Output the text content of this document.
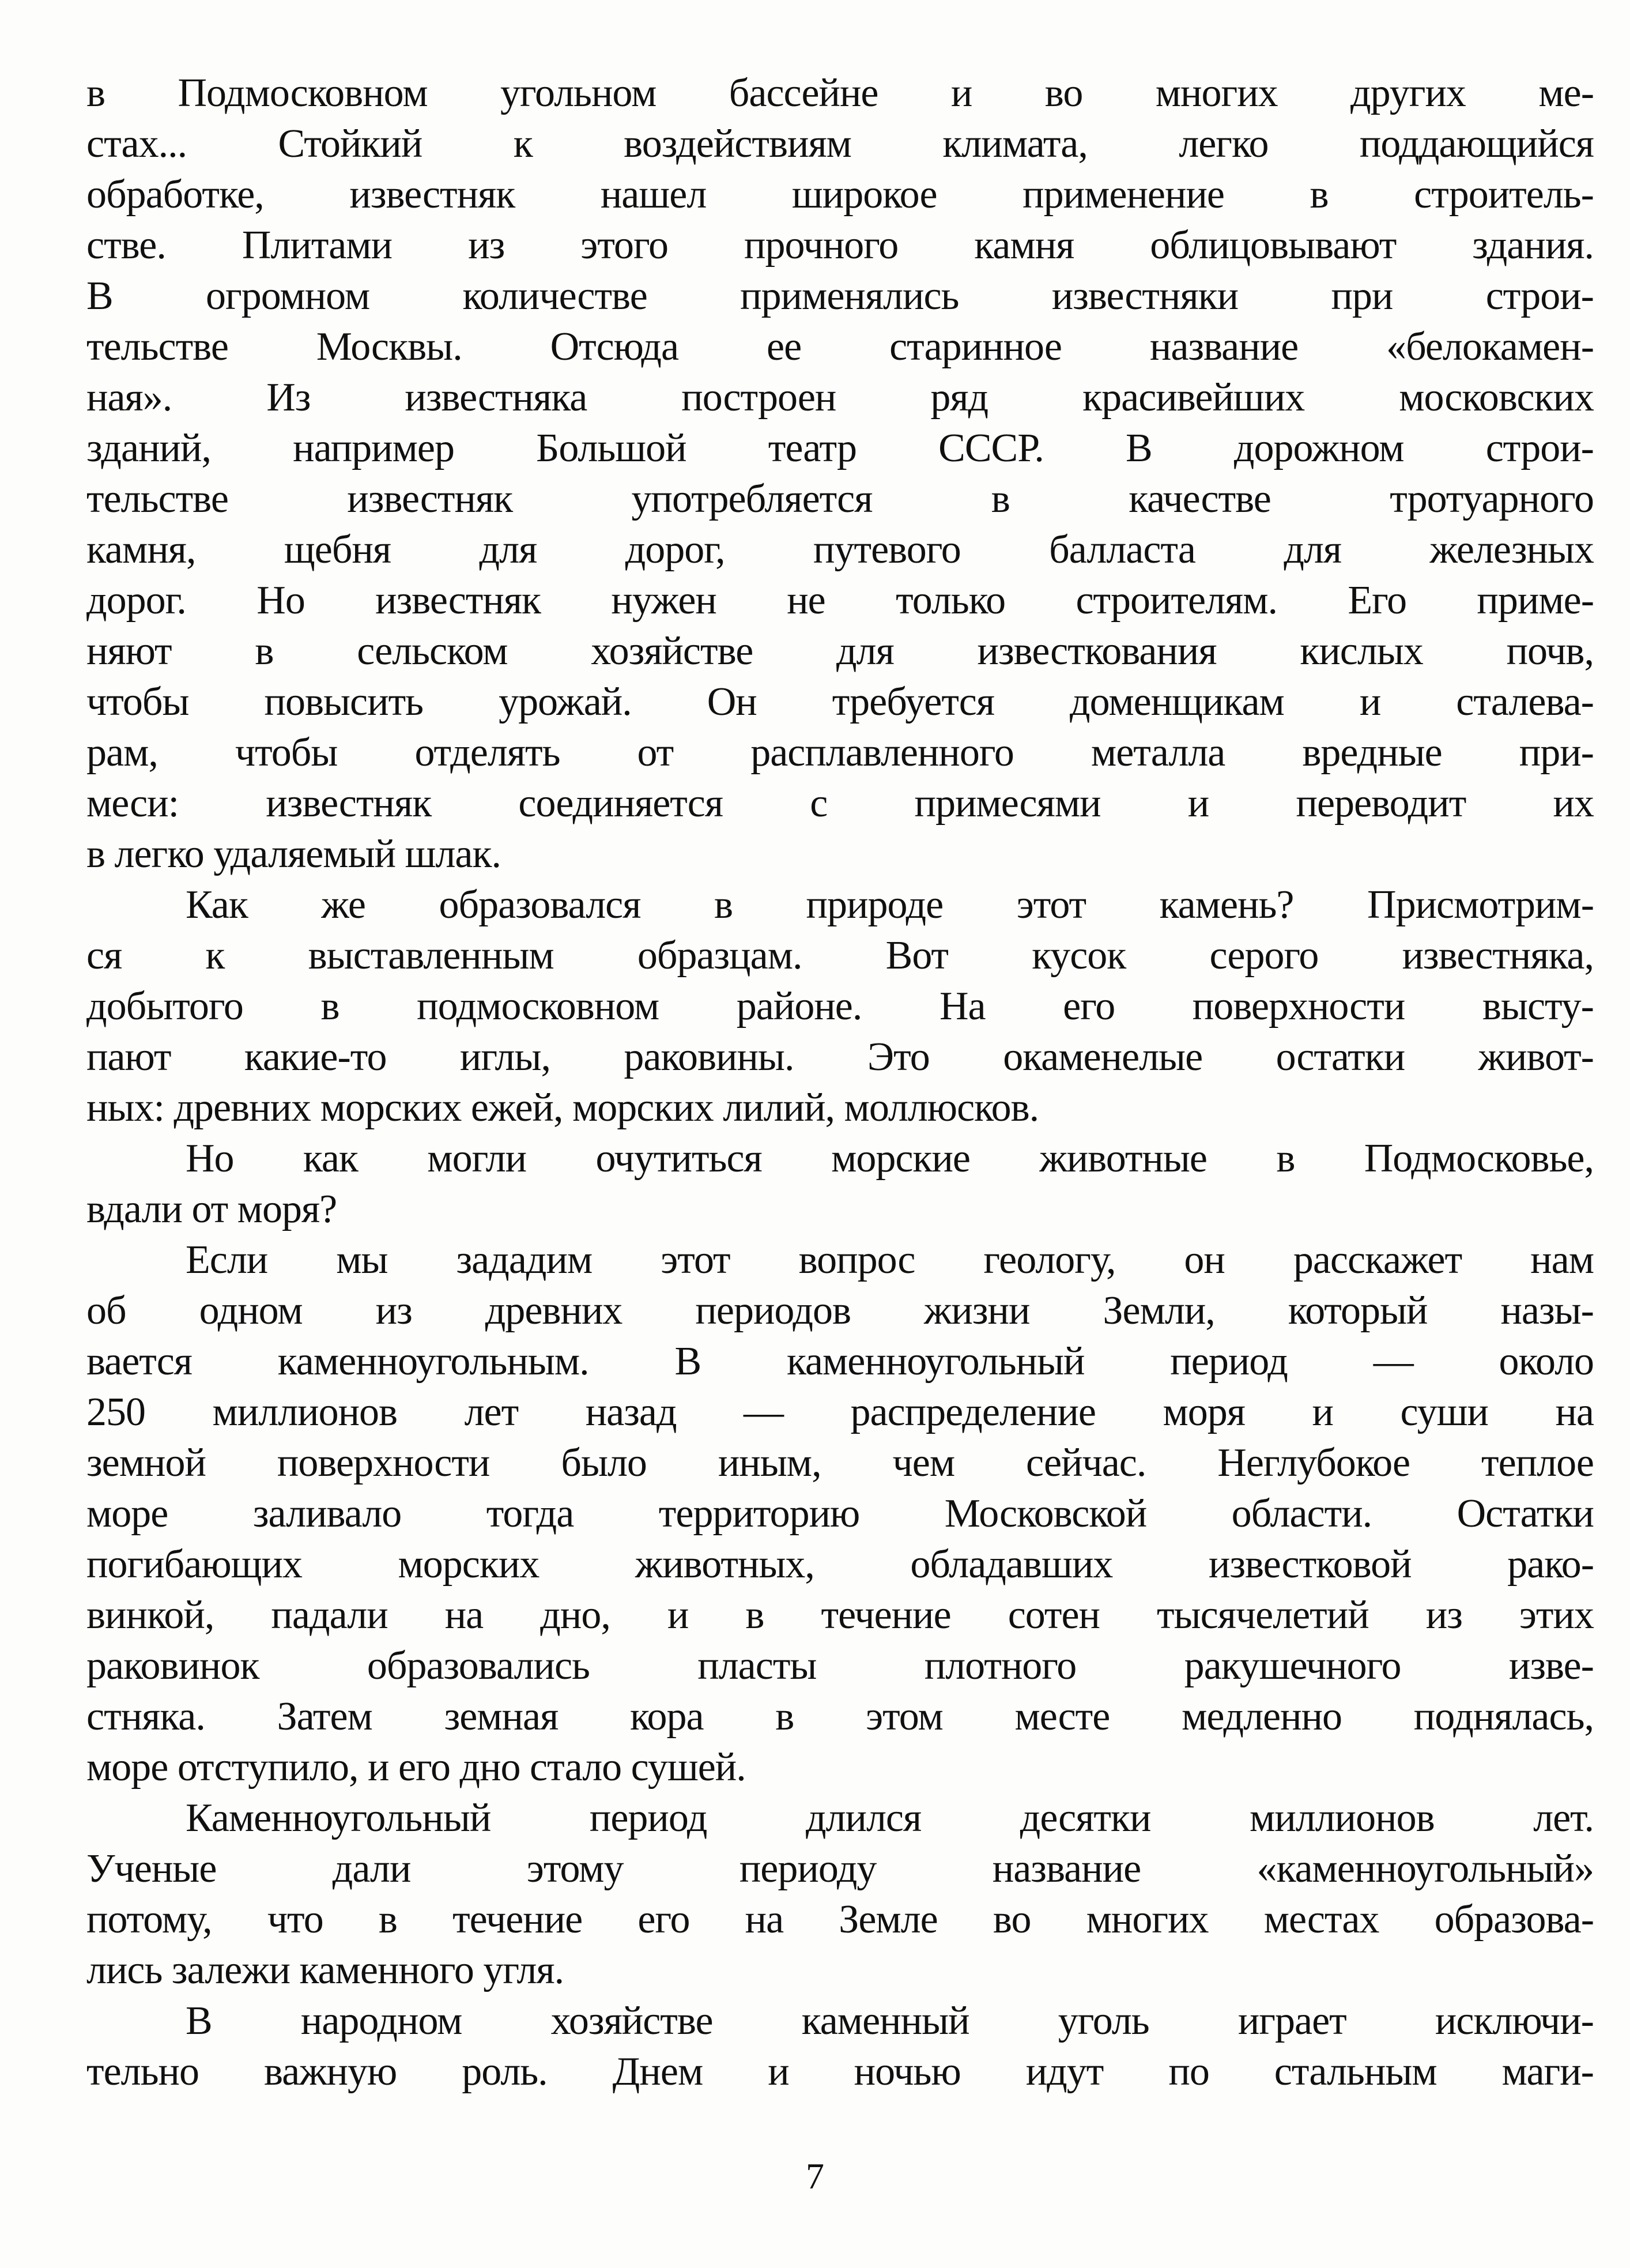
в Подмосковном угольном бассейне и во многих других ме-
стах... Стойкий к воздействиям климата, легко поддающийся
обработке, известняк нашел широкое применение в строитель-
стве. Плитами из этого прочного камня облицовывают здания.
В огромном количестве применялись известняки при строи-
тельстве Москвы. Отсюда ее старинное название «белокамен-
ная». Из известняка построен ряд красивейших московских
зданий, например Большой театр СССР. В дорожном строи-
тельстве известняк употребляется в качестве тротуарного
камня, щебня для дорог, путевого балласта для железных
дорог. Но известняк нужен не только строителям. Его приме-
няют в сельском хозяйстве для известкования кислых почв,
чтобы повысить урожай. Он требуется доменщикам и сталева-
рам, чтобы отделять от расплавленного металла вредные при-
меси: известняк соединяется с примесями и переводит их
в легко удаляемый шлак.
Как же образовался в природе этот камень? Присмотрим-
ся к выставленным образцам. Вот кусок серого известняка,
добытого в подмосковном районе. На его поверхности высту-
пают какие-то иглы, раковины. Это окаменелые остатки живот-
ных: древних морских ежей, морских лилий, моллюсков.
Но как могли очутиться морские животные в Подмосковье,
вдали от моря?
Если мы зададим этот вопрос геологу, он расскажет нам
об одном из древних периодов жизни Земли, который назы-
вается каменноугольным. В каменноугольный период — около
250 миллионов лет назад — распределение моря и суши на
земной поверхности было иным, чем сейчас. Неглубокое теплое
море заливало тогда территорию Московской области. Остатки
погибающих морских животных, обладавших известковой рако-
винкой, падали на дно, и в течение сотен тысячелетий из этих
раковинок образовались пласты плотного ракушечного изве-
стняка. Затем земная кора в этом месте медленно поднялась,
море отступило, и его дно стало сушей.
Каменноугольный период длился десятки миллионов лет.
Ученые дали этому периоду название «каменноугольный»
потому, что в течение его на Земле во многих местах образова-
лись залежи каменного угля.
В народном хозяйстве каменный уголь играет исключи-
тельно важную роль. Днем и ночью идут по стальным маги-
7
